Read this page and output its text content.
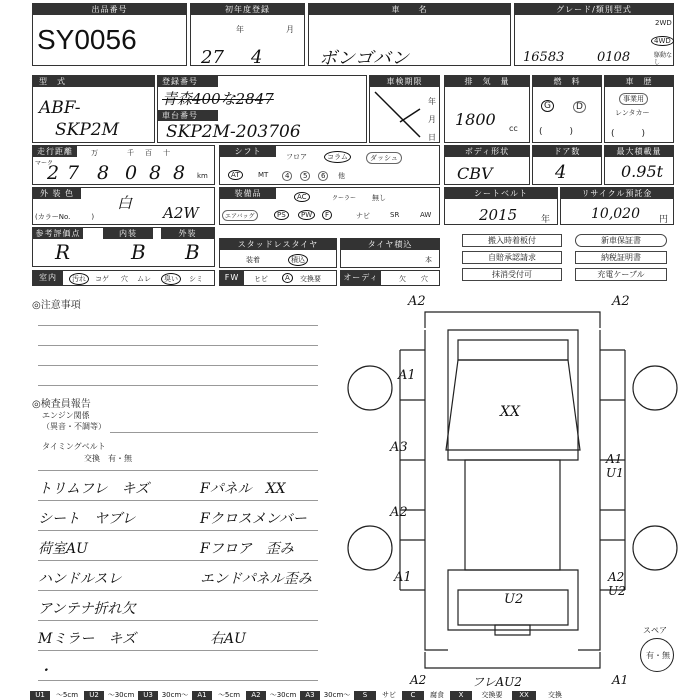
出品番号
SY0056
初年度登録
27
年
4
月
車　　名
ボンゴバン
グレード/類別型式
16583	0108
2WD
4WD
駆動なし
型　式
ABF-
SKP2M
登録番号
青森400な2847
車台番号
SKP2M-203706
車検期限
年
月
日
排　気　量
1800 cc
燃　料
G	D
(　　　)
車　歴
事業用
レンタカー
(　　　)
走行距離
マーク
万	千 百 十
2 7 8 0 8 8 km
シフト
フロア	コラム	ダッシュ
AT	MT	4	5	6	他
ボディ形状
CBV
ドア数
4
最大積載量
0.95t
外 装 色
白
(カラーNo.　　　)	A2W
装備品	AC	クーラー 無し
エアバッグ	PS	PW	F	ナビ	SR	AW
シートベルト
2015	年
リサイクル預託金
10,020 円
参考評価点	内装	外装
R	B B	スタッドレスタイヤ
装着	積込
タイヤ積込
本
搬入時着板付	新車保証書
自賠承認請求	納税証明書
抹消受付可	充電ケーブル
室内	汚れ	コゲ 穴 ムレ	臭い	シミ	FW	ヒビ	A	交換要	オーディオ
欠 穴
◎注意事項
◎検査員報告
エンジン関係
（異音・不調等）
タイミングベルト
交換　有・無
トリムフレ　キズ	Fパネル　XX
シート　ヤブレ	Fクロスメンバー
荷室AU	Fフロア　歪み
ハンドルスレ	エンドパネル歪み
アンテナ折れ欠
Mミラー　キズ	右AU
・
A2	A2
XX
A1
A3
A1 U1
A2
A1	A2 U2
U2
フレAU2
A2	A1
スペア
有・無
U1	〜5cm	U2	〜30cm	U3	30cm〜	A1	〜5cm	A2	〜30cm	A3	30cm〜	S	サビ	C	腐食	X	交換要	XX	交換
